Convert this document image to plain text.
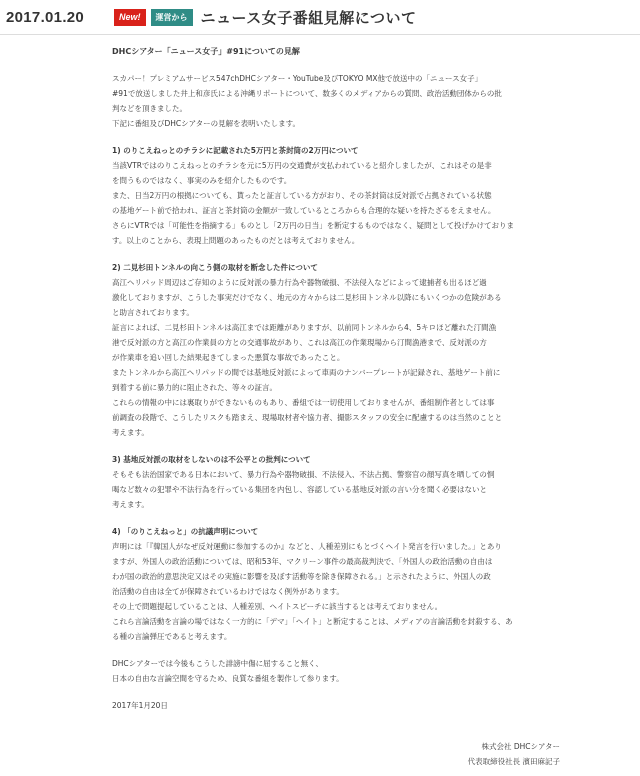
2017.01.20	New!	運営から ニュース女子番組見解について

DHCシアター「ニュース女子」#91についての見解

スカパー！プレミアムサービス547chDHCシアター・YouTube及びTOKYO MX他で放送中の「ニュース女子」

#91で放送しました井上和彦氏による沖縄リポートについて、数多くのメディアからの質問、政治活動団体からの批

判などを頂きました。

下記に番組及びDHCシアターの見解を表明いたします。

1) のりこえねっとのチラシに記載された5万円と茶封筒の2万円について

当該VTRではのりこえねっとのチラシを元に5万円の交通費が支払われていると紹介しましたが、これはその是非

を問うものではなく、事実のみを紹介したものです。

また、日当2万円の根拠についても、貰ったと証言している方がおり、その茶封筒は反対派で占拠されている状態

の基地ゲート前で拾われ、証言と茶封筒の金額が一致しているところからも合理的な疑いを持たざるをえません。

さらにVTRでは「可能性を指摘する」ものとし「2万円の日当」を断定するものではなく、疑問として投げかけておりま

す。以上のことから、表現上問題のあったものだとは考えておりません。

2) 二見杉田トンネルの向こう側の取材を断念した件について

高江ヘリパッド周辺はご存知のように反対派の暴力行為や器物破損、不法侵入などによって逮捕者も出るほど過

激化しておりますが、こうした事実だけでなく、地元の方々からは二見杉田トンネル以降にもいくつかの危険がある

と助言されております。

証言によれば、二見杉田トンネルは高江までは距離がありますが、以前同トンネルから4、5キロほど離れた汀間漁

港で反対派の方と高江の作業員の方との交通事故があり、これは高江の作業現場から汀間漁港まで、反対派の方

が作業車を追い回した結果起きてしまった悪質な事故であったこと。

またトンネルから高江ヘリパッドの間では基地反対派によって車両のナンバープレートが記録され、基地ゲート前に

到着する前に暴力的に阻止された、等々の証言。

これらの情報の中には裏取りができないものもあり、番組では一切使用しておりませんが、番組制作者としては事

前調査の段階で、こうしたリスクも踏まえ、現場取材者や協力者、撮影スタッフの安全に配慮するのは当然のことと

考えます。

3) 基地反対派の取材をしないのは不公平との批判について

そもそも法治国家である日本において、暴力行為や器物破損、不法侵入、不法占拠、警察官の顔写真を晒しての恫

喝など数々の犯罪や不法行為を行っている集団を内包し、容認している基地反対派の言い分を聞く必要はないと

考えます。

4) 「のりこえねっと」の抗議声明について

声明には「『韓国人がなぜ反対運動に参加するのか』などと、人種差別にもとづくヘイト発言を行いました。」とあり

ますが、外国人の政治活動については、昭和53年、マクリーン事件の最高裁判決で、「外国人の政治活動の自由は

わが国の政治的意思決定又はその実施に影響を及ぼす活動等を除き保障される。」と示されたように、外国人の政

治活動の自由は全てが保障されているわけではなく例外があります。

その上で問題提起していることは、人種差別、ヘイトスピーチに該当するとは考えておりません。

これら言論活動を言論の場ではなく一方的に「デマ」「ヘイト」と断定することは、メディアの言論活動を封殺する、あ

る種の言論弾圧であると考えます。

DHCシアターでは今後もこうした誹謗中傷に屈すること無く、

日本の自由な言論空間を守るため、良質な番組を製作して参ります。

2017年1月20日

株式会社 DHCシアター

代表取締役社長 濱田麻記子
